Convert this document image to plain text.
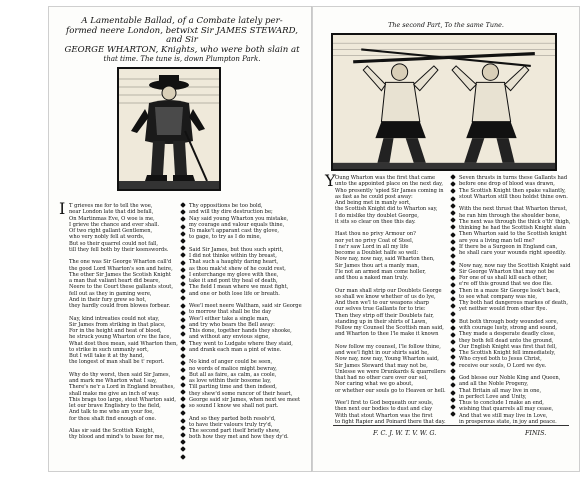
A Lamentable Ballad, of a Combate lately per-
formed neere London, betwixt Sir JAMES STEWARD, and Sir
GEORGE WHARTON, Knights, who were both slain at
that time. The tune is, down Plumpton Park.
I T grieves me for to tell the woe,
near London late that did befall,
On Martinmas Eve, O woe is me,
I grieve the chance and ever shall.
Of two right gallant Gentlemen,
who very nobly fell at words,
But so their quarrel could not fall,
till they fell both by their keenswords.
The one was Sir George Wharton call'd
the good Lord Wharton's son and heire,
The other Sir James the Scotish Knight
a man that valiant heart did beare,
Neere to the Court these gallants stout,
fell out as they in gaming were,
And in their fury grew so hot,
they hardly could from blowes forbear.
Nay, kind intreaties could not stay,
Sir James from striking in that place,
For in the height and heat of blood,
he struck young Wharton o're the face,
What dost thou mean, said Wharton then,
to strike in such unmanly sort,
But I will take it at thy hand,
the longest of man shall be t' report.
Why do thy worst, then said Sir James,
and mark me Wharton what I say,
There's ne'r a Lord in England breathes,
shall make me give an inch of way.
This brags too large, stout Wharton said,
let our brave Englishry to the field,
And talk to me who am your foe,
for thou shalt find enough of one.
Alas sir said the Scottish Knight,
thy blood and mind's to base for me,
Thy oppositions be too bold,
and will thy dire destruction be;
Nay said young Wharton you mistake,
my courage and valour equals thine,
To make't apparant cast thy glove,
to gage, to try as I do mine,
Said Sir James, but thou such spirit,
I did not thinke within thy breast,
That such a haughty daring heart,
as thou mak'st shew of he could rest,
I enterchange my glove with thee,
take it and pont thy heal of death,
The field I mean where we must fight,
and one or both lose life or breath.
Wee'l meet neere Waltham, said sir George
to morrow that shall be the day
Wee'l either take a single man,
and try who bears the Bell away:
This done, together hands they shooke,
and without any envious signe,
They went to Ludgate where they staid,
and drank each man a pint of wine.
No kind of anger could be seen,
no words of malice might bewray,
But all as faire, as calm, as coole,
as love within their bosome lay,
Till parting time and then indeed,
they shew'd some rancor of their heart,
George said sir James, when next we meet
so sound I know we shall not part.
And so they parted both resolv'd,
to have their valours truly try'd,
The second part itself briefly shew,
both how they met and how they dy'd.
The second Part, To the same Tune.
Y Oung Wharton was the first that came
unto the appointed place on the next day,
Who presently 'spied Sir James coming in
as fast as he could post away:
And being met in manly sort,
the Scottish Knight did to Wharton say,
I do mislike thy doublet George,
it sits so clear on thee this day.
Hast thou no privy Armour on?
nor yet no privy Coat of Steel,
I ne'r saw Lord in all my life
become a Doublet halfe so well:
Now nay, now nay, said Wharton then,
Sir James thou art a manly man,
I'le not an armed man come holler,
and thou a naked man truly.
Our man shall strip our Doublets George
so shall we know whether of us do lye,
And then we'l to our weapons sharp
our selves true Gallants for to trie:
Then they strip off their Doublets fair,
standing up in their shirts of Lawn,
Follow my Counsel the Scottish man said,
and Wharton to thee I'le make it known
Now follow my counsel, I'le follow thine,
and wee'l fight in our shirts said he,
Now nay, now nay, Young Wharton said,
Sir James Steward that may not be,
Unlesse we were Drunkards & quarrellers
that had no other care over our sel,
Nor caring what we go about,
or whether our souls go to Heaven or hell.
Wee'l first to God bequeath our souls,
then next our bodies to dust and clay
With that stout Wharton was the first
to fight Rapier and Poinard there that day.
Seven thrusts in turns these Gallants had
before one drop of blood was drawn,
The Scottish Knight then spake valiantly,
stout Wharton still thou holdst thine own.
With the next thrust that Wharton thrust,
he ran him through the shoulder bone,
The next was through the thick o'th' thigh,
thinking he had the Scottish Knight slain
Then Wharton said to the Scottish knight
are you a living man tell me?
If there be a Surgeon in England can,
he shall care your wounds right speedily.
Now nay, now nay the Scottish Knight said
Sir George Wharton that may not be
For one of us shall kill each other,
e're off this ground that we doe flie.
Then in a maze Sir George look't back,
to see what company was nie,
Thy both had dangerous markes of death,
yet neither would from other flye.
But both through body wounded sore,
with courage lusty, strong and sound,
They made a desperate deadly close,
they both fell dead unto the ground,
Our English Knight was first that fell,
The Scottish Knight fell immediately,
Who cryed both to Jesus Christ,
receive our souls, O Lord we dye.
God blesse our Noble King and Queen,
and all the Noble Progeny,
That Britain all may live in one,
in perfect Love and Unity,
Thus to conclude I make an end,
wishing that quarrels all may cease,
And that we still may live in Love,
in prosperous state, in joy and peace.
F. C. J. W. T. V. W. G.	FINIS.
